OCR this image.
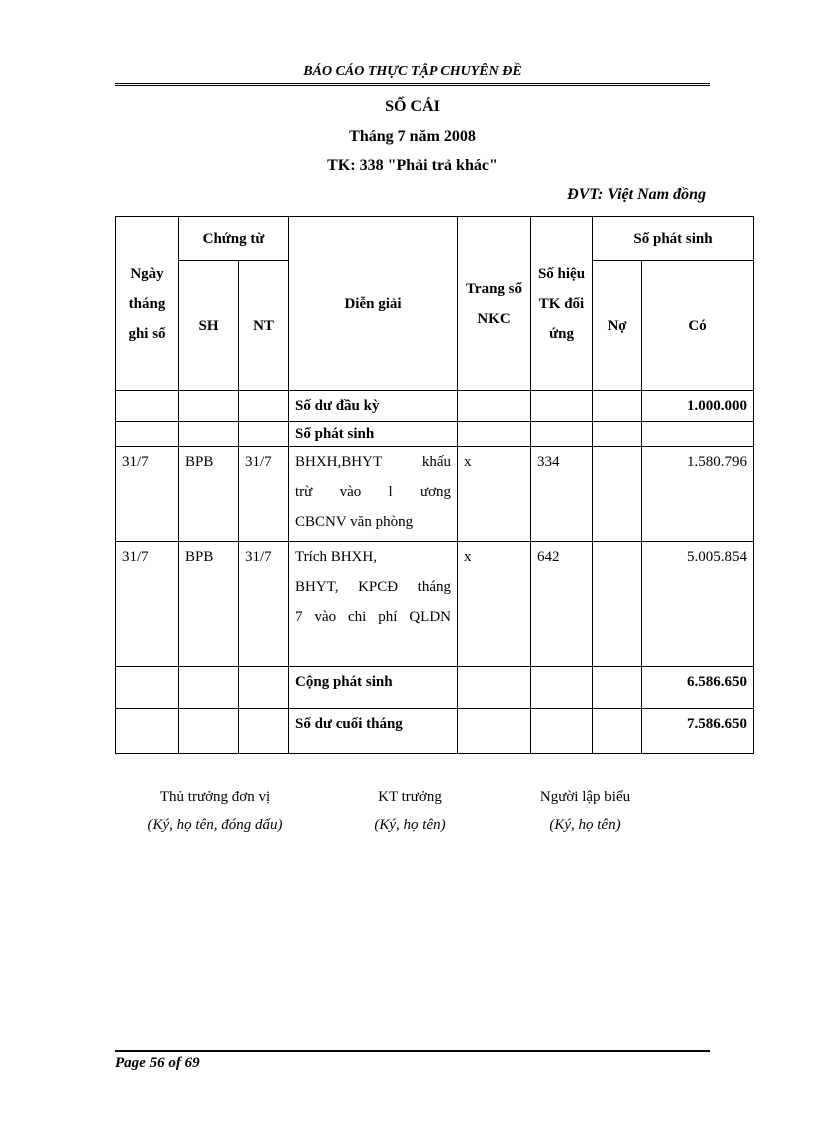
BÁO CÁO THỰC TẬP CHUYÊN ĐỀ
SỔ CÁI
Tháng 7 năm 2008
TK: 338 "Phải trả khác"
ĐVT: Việt Nam đồng
Ngày tháng ghi sổ	Chứng từ		Diễn giải	Trang sổ NKC	Số hiệu TK đối ứng	Số phát sinh	
	SH	NT				Nợ	Có
			Số dư đầu kỳ				1.000.000
			Số phát sinh				
31/7	BPB	31/7	BHXH,BHYT khấu
trừ vào l ương
CBCNV văn phòng	x	334		1.580.796
31/7	BPB	31/7	Trích BHXH,
BHYT, KPCĐ tháng
7 vào chi phí QLDN	x	642		5.005.854
			Cộng phát sinh				6.586.650
			Số dư cuối tháng				7.586.650
Thủ trưởng đơn vị
(Ký, họ tên, đóng dấu)
KT trưởng
(Ký, họ tên)
Người lập biểu
(Ký, họ tên)
Page 56 of 69
